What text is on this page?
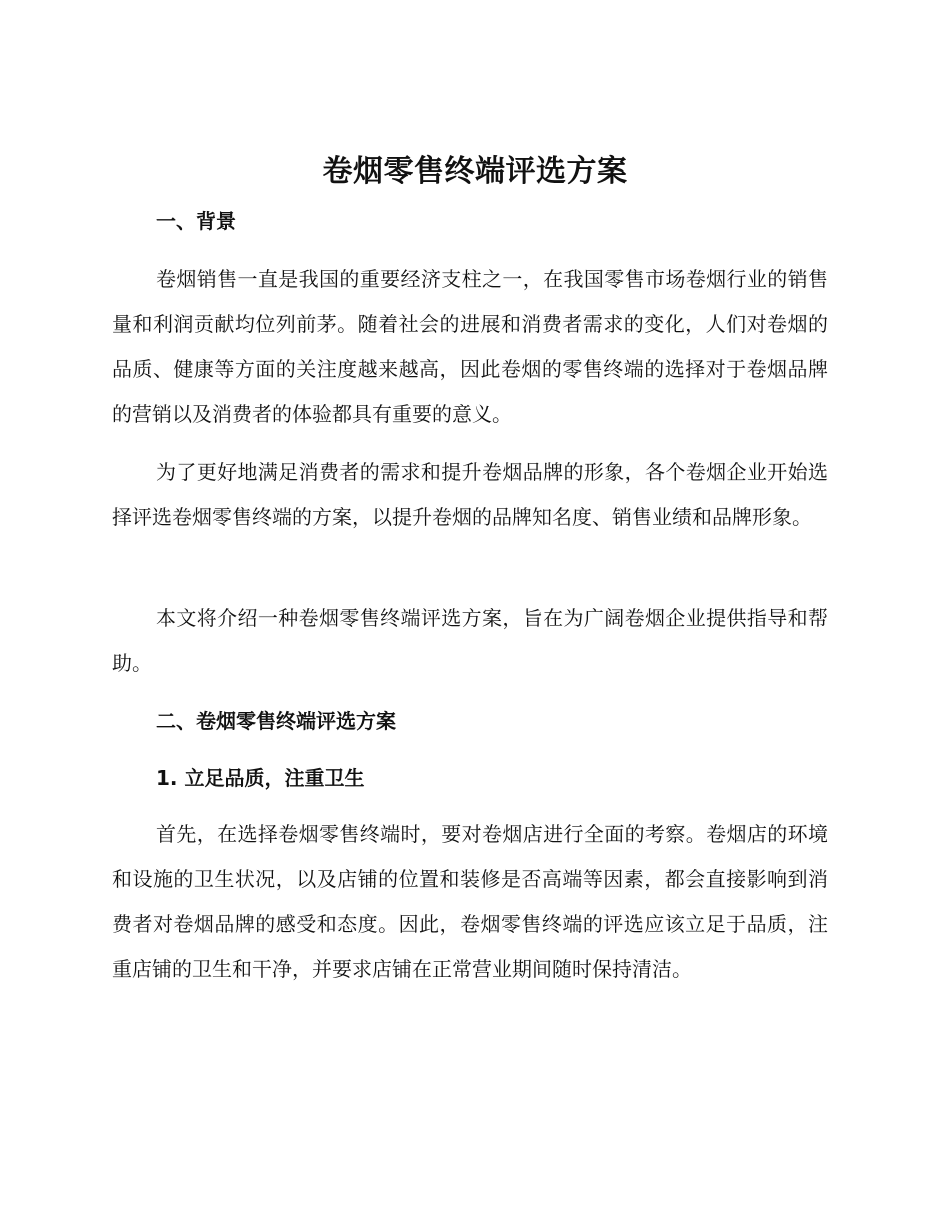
卷烟零售终端评选方案
一、背景

卷烟销售一直是我国的重要经济支柱之一，在我国零售市场卷烟行业的销售量和利润贡献均位列前茅。随着社会的进展和消费者需求的变化，人们对卷烟的品质、健康等方面的关注度越来越高，因此卷烟的零售终端的选择对于卷烟品牌的营销以及消费者的体验都具有重要的意义。

为了更好地满足消费者的需求和提升卷烟品牌的形象，各个卷烟企业开始选择评选卷烟零售终端的方案，以提升卷烟的品牌知名度、销售业绩和品牌形象。

本文将介绍一种卷烟零售终端评选方案，旨在为广阔卷烟企业提供指导和帮助。

二、卷烟零售终端评选方案
1. 立足品质，注重卫生

首先，在选择卷烟零售终端时，要对卷烟店进行全面的考察。卷烟店的环境和设施的卫生状况，以及店铺的位置和装修是否高端等因素，都会直接影响到消费者对卷烟品牌的感受和态度。因此，卷烟零售终端的评选应该立足于品质，注重店铺的卫生和干净，并要求店铺在正常营业期间随时保持清洁。
